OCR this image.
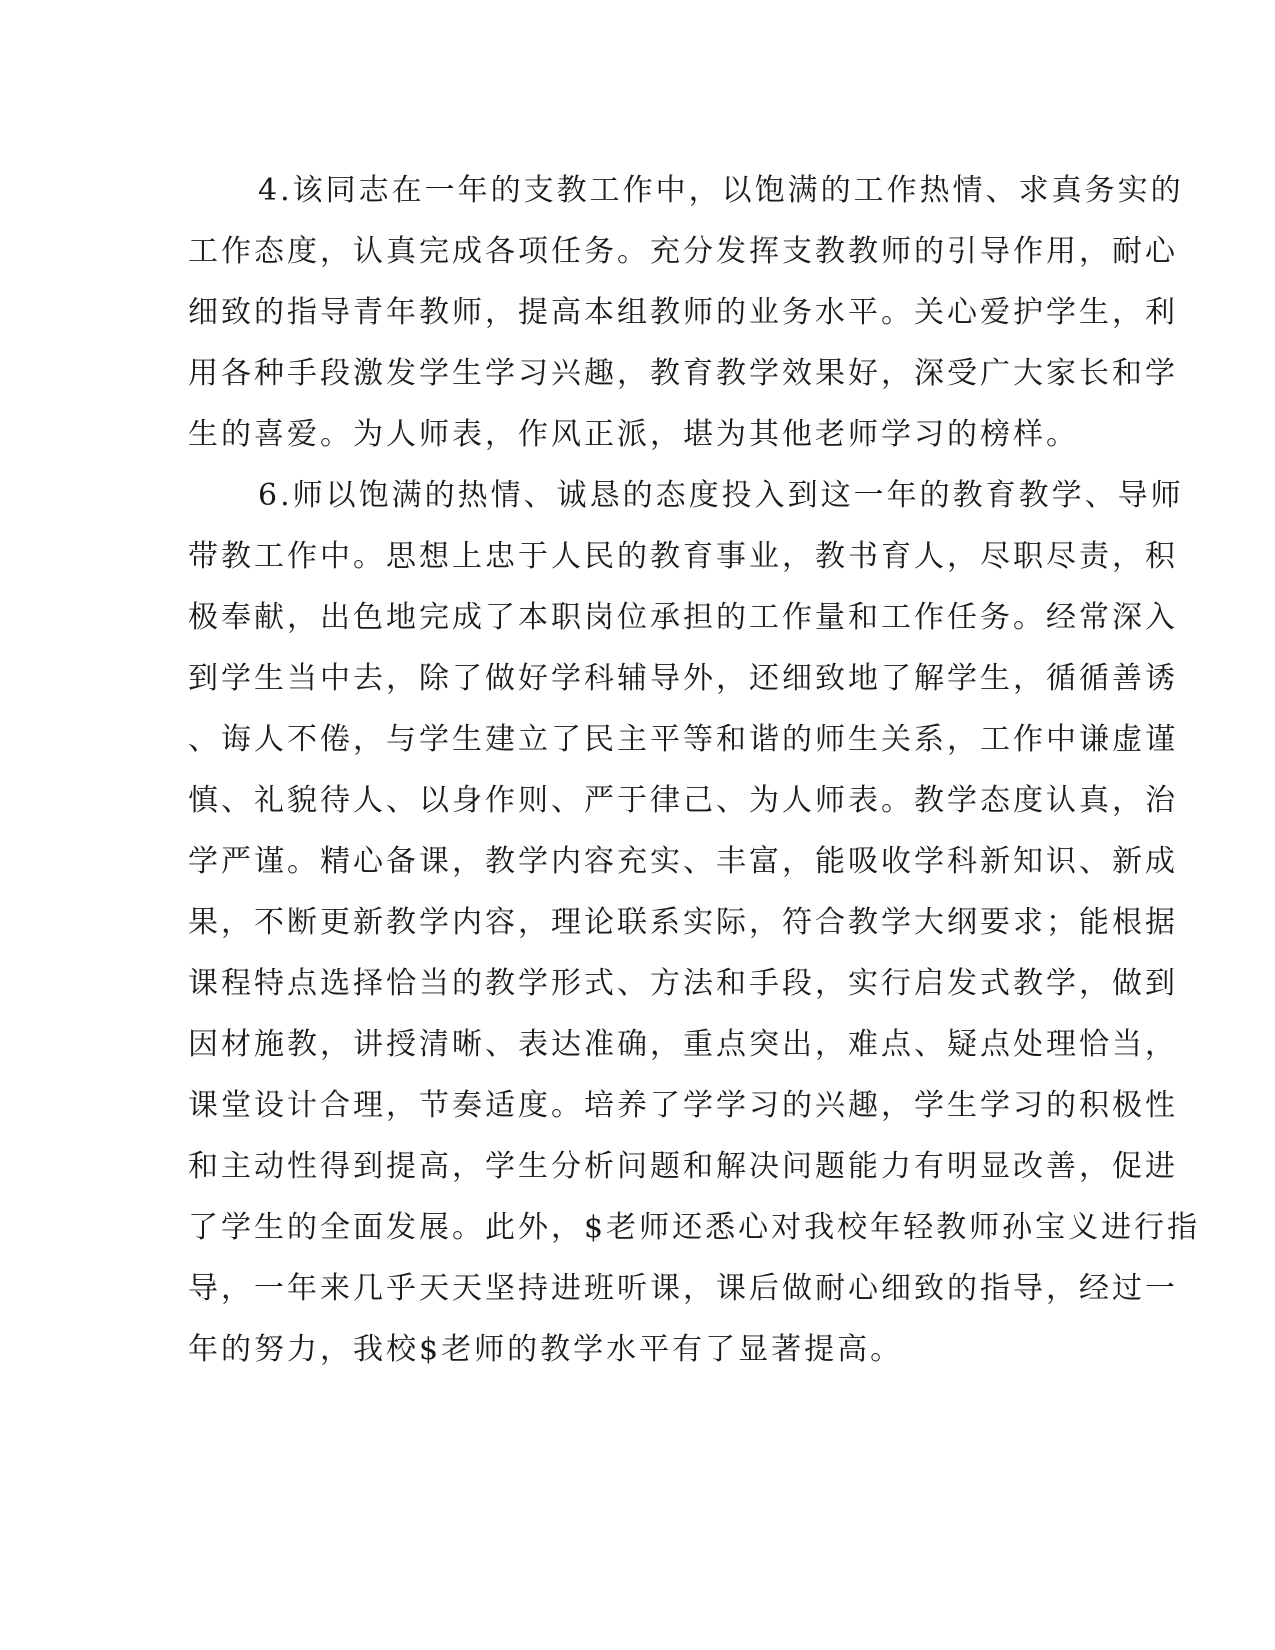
4.该同志在一年的支教工作中，以饱满的工作热情、求真务实的
工作态度，认真完成各项任务。充分发挥支教教师的引导作用，耐心
细致的指导青年教师，提高本组教师的业务水平。关心爱护学生，利
用各种手段激发学生学习兴趣，教育教学效果好，深受广大家长和学
生的喜爱。为人师表，作风正派，堪为其他老师学习的榜样。
6.师以饱满的热情、诚恳的态度投入到这一年的教育教学、导师
带教工作中。思想上忠于人民的教育事业，教书育人，尽职尽责，积
极奉献，出色地完成了本职岗位承担的工作量和工作任务。经常深入
到学生当中去，除了做好学科辅导外，还细致地了解学生，循循善诱
、诲人不倦，与学生建立了民主平等和谐的师生关系，工作中谦虚谨
慎、礼貌待人、以身作则、严于律己、为人师表。教学态度认真，治
学严谨。精心备课，教学内容充实、丰富，能吸收学科新知识、新成
果，不断更新教学内容，理论联系实际，符合教学大纲要求；能根据
课程特点选择恰当的教学形式、方法和手段，实行启发式教学，做到
因材施教，讲授清晰、表达准确，重点突出，难点、疑点处理恰当，
课堂设计合理，节奏适度。培养了学学习的兴趣，学生学习的积极性
和主动性得到提高，学生分析问题和解决问题能力有明显改善，促进
了学生的全面发展。此外，$老师还悉心对我校年轻教师孙宝义进行指
导，一年来几乎天天坚持进班听课，课后做耐心细致的指导，经过一
年的努力，我校$老师的教学水平有了显著提高。
